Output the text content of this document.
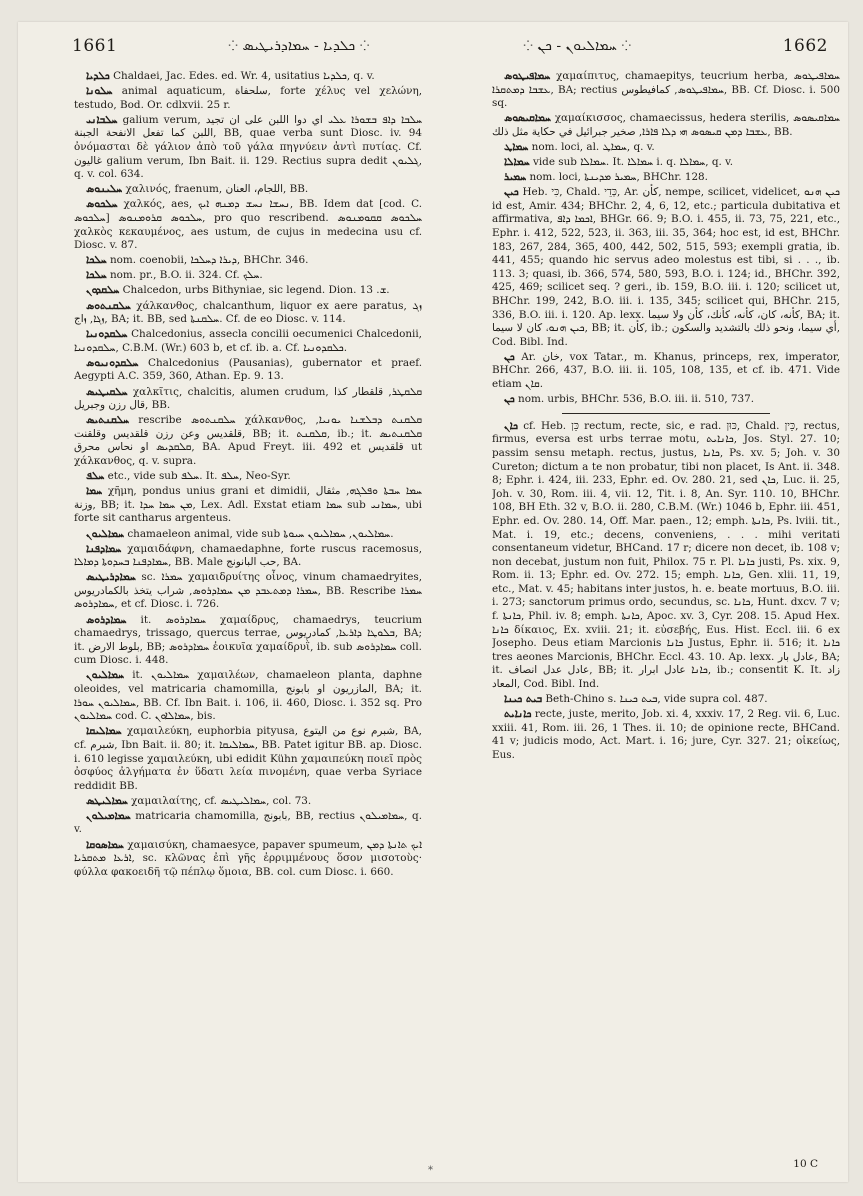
1661	⁘ ܟܠܕܝܐ - ܚܡܐܕܪܝܛܝܣ ⁘	⁘ ܚܡܐܠܝܘܢ - ܟܢ ⁘	1662

ܟܠܕܝܐ Chaldaei, Jac. Edes. ed. Wr. 4, usitatius ܟܠܕܝܐ, q. v.

ܚܠܘܢܐ animal aquaticum, سلحفاة, forte χέλυς vel χελώνη, testudo, Bod. Or. cdlxvii. 25 r.

ܚܠܒܐܢܝ galium verum, ܚܠܒܐ ܕܐܦ ܒܫܘܪܐ ܥܠܝ اي دوا اللبن على ان تجيد اللبن كما تفعل الانفحة الجبنة, BB, quae verba sunt Diosc. iv. 94 ὀνόμασται δὲ γάλιον ἀπὸ τοῦ γάλα πηγνύειν ἀντὶ πυτίας. Cf. غاليون galium verum, Ibn Bait. ii. 129. Rectius supra dedit ܓܠܝܘܢ, q. v. col. 634.

ܚܠܝܢܘܣ χαλινός, fraenum, اللجام، العنان, BB.

ܚܠܟܘܣ χαλκός, aes, ܢܚܫܐ ܢܚܫ ܕܡܢܗ ܐܝܟ, BB. Idem dat [cod. C. ܚܠܟܘܣ] ܚܠܟܘܣ ܩܪܘܡܢܘܣ, pro quo rescribend. ܚܠܟܘܣ ܩܩܘܡܢܘܣ χαλκὸς κεκαυμένος, aes ustum, de cujus in medecina usu cf. Diosc. v. 87.

ܚܠܟܐ nom. coenobii, ܕܝܪܐ ܕܚܠܟܐ, BHChr. 346.

ܚܠܟܐ nom. pr., B.O. ii. 324. Cf. ܚܠܟ.

ܚܠܩܕܘܢ Chalcedon, urbs Bithyniae, sic legend. Dion. ܫ. 13.

ܚܠܩܢܬܘܣ χάλκανθος, chalcanthum, liquor ex aere paratus, ܙܓ ܙܓܐ, ܙاج, BA; it. BB, sed ܚܠܩܢܬܐ. Cf. de eo Diosc. v. 114.

ܚܠܩܕܘܢܝܐ Chalcedonius, assecla concilii oecumenici Chalcedonii, ܚܠܩܕܘܢܝܐ, C.B.M. (Wr.) 603 b, et cf. ib. a. Cf. ܟܠܩܕܘܢܝܐ.

ܚܠܩܕܘܢܝܘܣ Chalcedonius (Pausanias), gubernator et praef. Aegypti A.C. 359, 360, Athan. Ep. 9. 13.

ܚܠܩܝܛܝܣ χαλκῖτις, chalcitis, alumen crudum, ܩܠܩܛܪ, قلقطار كذا قال رزن وجبريل, BB.

ܚܠܩܢܬܝܣ rescribe ܚܠܩܢܬܘܣ χάλκανθος, ܩܠܩܢܬ ܕܒܠܫܢܐ ܝܘܢܝܐ, قلقديس وعن رزن قلقديس وقلقنت, BB; it. ܩܠܩܢܬ, ib.; it. ܩܠܩܢܬܝܣ ܩܠܩܕܝܣ او نحاس محرق, BA. Apud Freyt. iii. 492 et قلقديس ut χάλκανθος, q. v. supra.

ܚܠܦ etc., vide sub ܚܠܦ. It. ܚܠܦ, Neo-Syr.

ܚܡܐ χῆμη, pondus unius grani et dimidii, ܚܡܐ ܚܒܬܐ ܘܦܠܓܗ, مثقال وزنة, BB; it. ܡܢ ܚܡܐ ܚܕܐ, Lex. Adl. Exstat etiam ܚܡܐ sub ܚܡܐܢܝ, ubi forte sit cantharus argenteus.

ܚܡܐܠܝܘܢ chamaeleon animal, vide sub ܚܡܐܠܝܘܢ, ܚܡܐܠܝܘܢ ܚܝܘܬܐ.

ܚܡܐܕܦܢܐ χαμαιδάφνη, chamaedaphne, forte ruscus racemosus, ܚܡܐܕܦܢܐ ܒܚܕܘܬܐ ܕܡܐܠܐ, BB. Male حب البانونج, BA.

ܚܡܐܕܪܝܛܝܣ sc. ܚܡܪܐ χαμαιδρυίτης οἶνος, vinum chamaedryites, ܚܡܪܐ ܕܡܬܥܒܕ ܡܢ ܚܡܐܕܪܘܣ, شراب يتخذ بالكمادريوس, BB. Rescribe ܚܡܪܐ ܚܡܐܕܪܘܣ, et cf. Diosc. i. 726.

ܚܡܐܕܪܘܣ it. ܚܡܐܕܪܘܣ χαμαίδρυς, chamaedrys, teucrium chamaedrys, trissago, quercus terrae, ܒܠܘܛܐ ܕܐܪܥܐ, كمادريوس, BA; it. بلوط الارض, BB; ܚܡܐܕܪܘܣ ἐοικυῖα χαμαίδρυῒ, ib. sub ܚܡܐܕܪܘܣ coll. cum Diosc. i. 448.

ܚܡܐܠܝܘܢ it. ܚܡܐܠܝܘܢ χαμαιλέων, chamaeleon planta, daphne oleoides, vel matricaria chamomilla, المازريون او بابونج, BA; it. ܚܡܐܠܝܘܢ ܚܘܪܐ, BB. Cf. Ibn Bait. i. 106, ii. 460, Diosc. i. 352 sq. Pro ܚܡܐܠܝܘܢ cod. C. ܚܡܐܠܐܘܢ, bis.

ܚܡܐܠܝܩܐ χαμαιλεύκη, euphorbia pityusa, شبرم نوع من اليتوع, BA, cf. شبرم, Ibn Bait. ii. 80; it. ܚܡܐܠܝܩܐ, BB. Patet igitur BB. ap. Diosc. i. 610 legisse χαμαιλεύκη, ubi edidit Kühn χαμαιπεύκη ποιεῖ πρὸς ὀσφύος ἀλγήματα ἐν ὕδατι λεία πινομένη, quae verba Syriace reddidit BB.

ܚܡܐܠܝܛܣ χαμαιλαίτης, cf. ܚܡܐܠܝܛܝܣ, col. 73.

ܚܡܐܡܝܠܘܢ matricaria chamomilla, بابونج, BB, rectius ܚܡܐܡܝܠܘܢ, q. v.

ܚܡܐܣܘܩܐ χαμαισύκη, chamaesyce, papaver spumeum, ܐܝܟ ܬܐܢܬܐ ܕܡܢ ܐܪܥܐ ܡܬܩܪܝܐ, sc. κλῶνας ἐπὶ γῆς ἐρριμμένους ὅσον μισοτοὺς· φύλλα φακοειδῆ τῷ πέπλῳ ὅμοια, BB. col. cum Diosc. i. 660.

ܚܡܐܦܝܛܘܣ χαμαίπιτυς, chamaepitys, teucrium herba, ܚܡܐܦܝܛܘܣ ܥܫܒܐ ܕܡܬܩܪܐ, BA; rectius ܚܡܐܦܝܛܘܣ, كمافيطوس, BB. Cf. Diosc. i. 500 sq.

ܚܡܐܩܝܣܘܣ χαμαίκισσος, chamaecissus, hedera sterilis, ܚܡܐܩܝܣܘܣ ܥܫܒܐ ܕܡܢ ܩܝܣܘܣ ܗܝ ܕܠܐ ܦܐܪܐ, صخير جبرائيل في حكاية مثل ذلك, BB.

ܚܡܐܛ nom. loci, al. ܚܡܐܛ, q. v.

ܚܡܐܠܐ vide sub ܚܡܐܠܐ. It. ܚܡܐܠܐ i. q. ܚܡܐܠܐ, q. v.

ܚܡܝܪ nom. loci, ܚܡܝܪ ܡܕܝܢܬܐ, BHChr. 128.

ܟܝܢ Heb. כִּי, Chald. כְּדֵי, Ar. كأن, nempe, scilicet, videlicet, ܟܝܢ ܗܢܘ id est, Amir. 434; BHChr. 2, 4, 6, 12, etc.; particula dubitativa et affirmativa, ܐܟܡܐ ܕܐܦ, BHGr. 66. 9; B.O. i. 455, ii. 73, 75, 221, etc., Ephr. i. 412, 522, 523, ii. 363, iii. 35, 364; hoc est, id est, BHChr. 183, 267, 284, 365, 400, 442, 502, 515, 593; exempli gratia, ib. 441, 455; quando hic servus adeo molestus est tibi, si . . ., ib. 113. 3; quasi, ib. 366, 574, 580, 593, B.O. i. 124; id., BHChr. 392, 425, 469; scilicet seq. ? geri., ib. 159, B.O. iii. i. 120; scilicet ut, BHChr. 199, 242, B.O. iii. i. 135, 345; scilicet qui, BHChr. 215, 336, B.O. iii. i. 120. Ap. lexx. كأنه، كان، كأنه، كأنك، كأن ولا سيما, BA; it. ܟܝܢ ܗܢܘ، كان لا سيما, BB; it. كأن, ib.; أي سيما، ونحو ذلك بالتشديد والسكون, Cod. Bibl. Ind.

ܟܢ Ar. خان, vox Tatar., m. Khanus, princeps, rex, imperator, BHChr. 266, 437, B.O. iii. ii. 105, 108, 135, et cf. ib. 471. Vide etiam ܩܐܢ.

ܟܢ nom. urbis, BHChr. 536, B.O. iii. ii. 510, 737.

ܟܐܢ cf. Heb. כֵּן rectum, recte, sic, e rad. כּוּן, Chald. כֵּין, rectus, firmus, eversa est urbs terrae motu, ܟܐܢܐܝܬ, Jos. Styl. 27. 10; passim sensu metaph. rectus, justus, ܟܐܢܐ, Ps. xv. 5; Joh. v. 30 Cureton; dictum a te non probatur, tibi non placet, Is Ant. ii. 348. 8; Ephr. i. 424, iii. 233, Ephr. ed. Ov. 280. 21, sed ܟܐܢ, Luc. ii. 25, Joh. v. 30, Rom. iii. 4, vii. 12, Tit. i. 8, An. Syr. 110. 10, BHChr. 108, BH Eth. 32 v, B.O. ii. 280, C.B.M. (Wr.) 1046 b, Ephr. iii. 451, Ephr. ed. Ov. 280. 14, Off. Mar. paen., 12; emph. ܟܐܢܬܐ, Ps. lviii. tit., Mat. i. 19, etc.; decens, conveniens, . . . mihi veritati consentaneum videtur, BHCand. 17 r; dicere non decet, ib. 108 v; non decebat, justum non fuit, Philox. 75 r. Pl. ܟܐܢܐ justi, Ps. xix. 9, Rom. ii. 13; Ephr. ed. Ov. 272. 15; emph. ܟܐܢܐ, Gen. xlii. 11, 19, etc., Mat. v. 45; habitans inter justos, h. e. beate mortuus, B.O. iii. i. 273; sanctorum primus ordo, secundus, sc. ܟܐܢܐ, Hunt. dxcv. 7 v; f. ܟܐܢܬܐ, Phil. iv. 8; emph. ܟܐܢܬܐ, Apoc. xv. 3, Cyr. 208. 15. Apud Hex. ܟܐܢܐ δίκαιος, Ex. xviii. 21; it. εὐσεβής, Eus. Hist. Eccl. iii. 6 ex Josepho. Deus etiam Marcionis ܟܐܢܐ Justus, Ephr. ii. 516; it. ܟܐܢܐ tres aeones Marcionis, BHChr. Eccl. 43. 10. Ap. lexx. عادل بار, BA; it. عادل عدل انصاف, BB; it. ܟܐܢܐ عادل ابرار, ib.; consentit K. It. زاد المعاد, Cod. Bibl. Ind.

ܒܝܬ ܟܝܢܐ Beth-Chino s. ܒܝܬ ܟܝܢܐ, vide supra col. 487.

ܟܐܢܐܝܬ recte, juste, merito, Job. xi. 4, xxxiv. 17, 2 Reg. vii. 6, Luc. xxiii. 41, Rom. iii. 26, 1 Thes. ii. 10; de opinione recte, BHCand. 41 v; judicis modo, Act. Mart. i. 16; jure, Cyr. 327. 21; οἰκείως, Eus.

*
10 C
